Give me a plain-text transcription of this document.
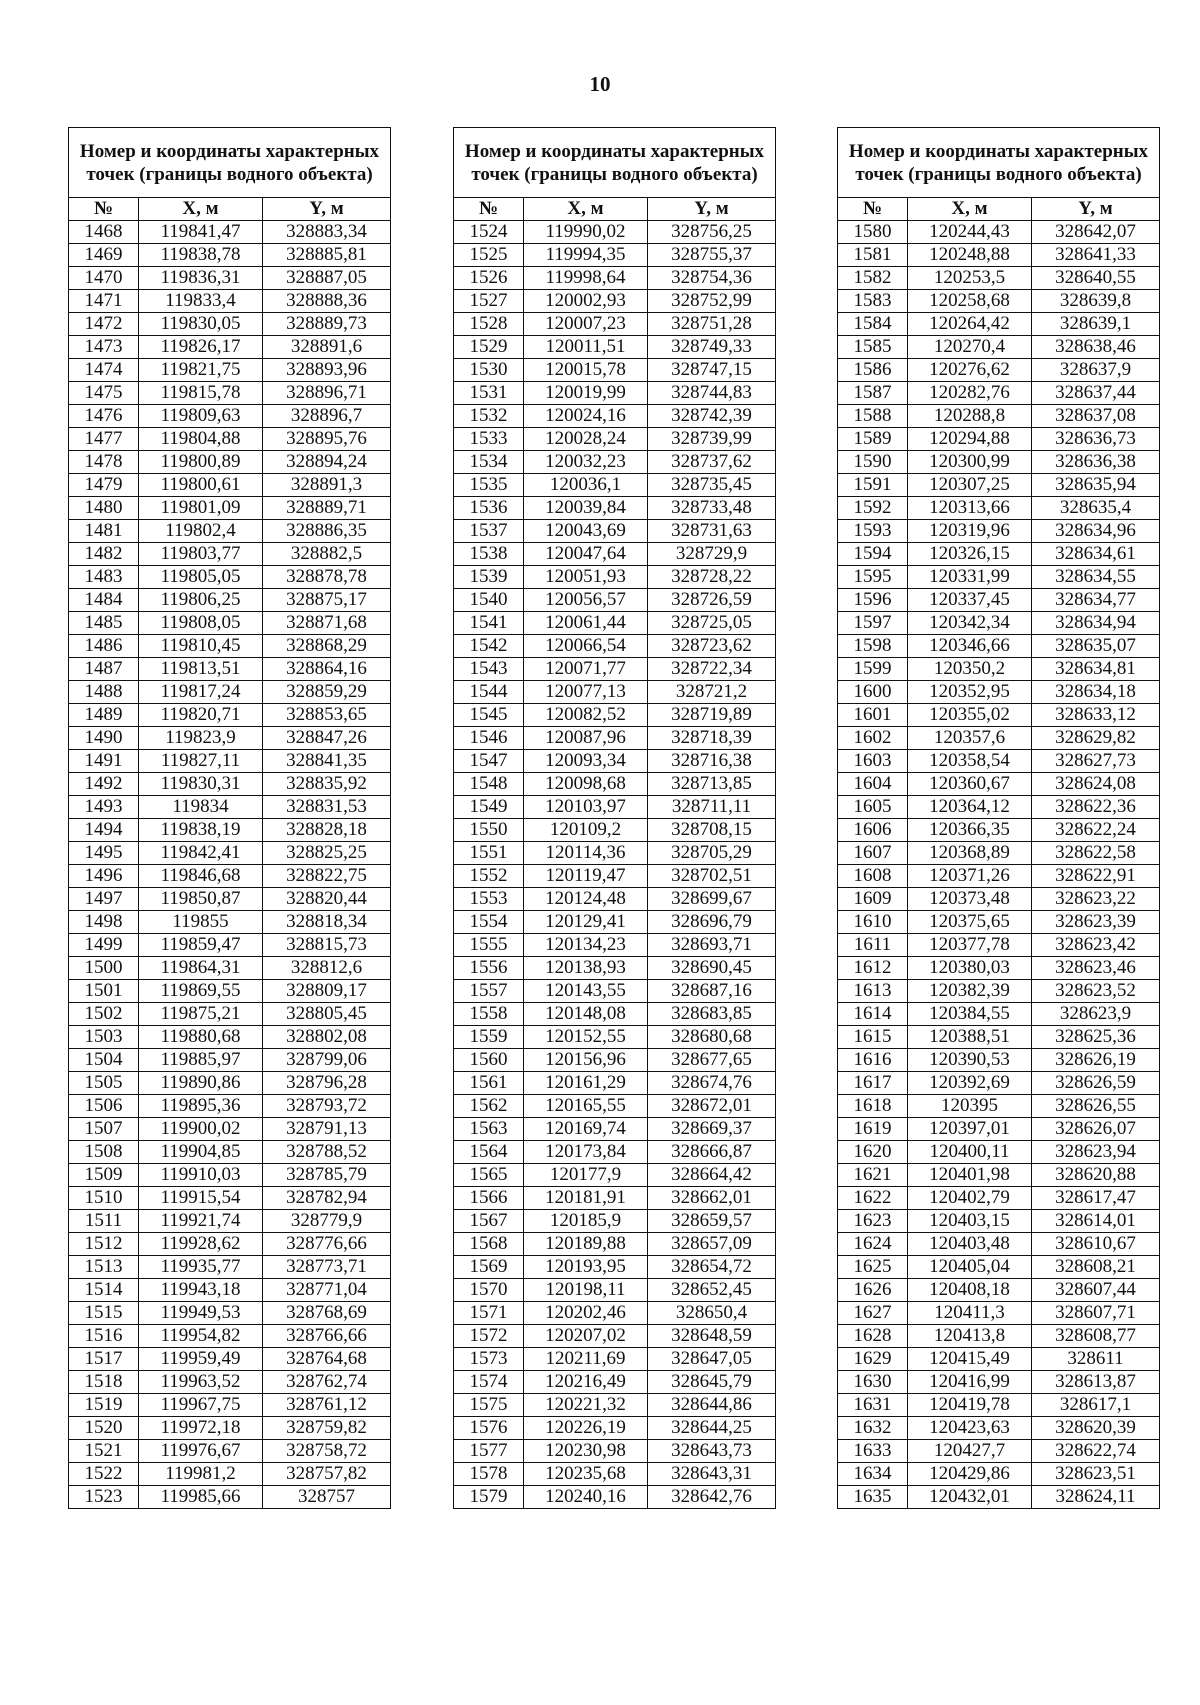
10
Номер и координаты характерных точек (границы водного объекта)		
№	X, м	Y, м
1468	119841,47	328883,34
1469	119838,78	328885,81
1470	119836,31	328887,05
1471	119833,4	328888,36
1472	119830,05	328889,73
1473	119826,17	328891,6
1474	119821,75	328893,96
1475	119815,78	328896,71
1476	119809,63	328896,7
1477	119804,88	328895,76
1478	119800,89	328894,24
1479	119800,61	328891,3
1480	119801,09	328889,71
1481	119802,4	328886,35
1482	119803,77	328882,5
1483	119805,05	328878,78
1484	119806,25	328875,17
1485	119808,05	328871,68
1486	119810,45	328868,29
1487	119813,51	328864,16
1488	119817,24	328859,29
1489	119820,71	328853,65
1490	119823,9	328847,26
1491	119827,11	328841,35
1492	119830,31	328835,92
1493	119834	328831,53
1494	119838,19	328828,18
1495	119842,41	328825,25
1496	119846,68	328822,75
1497	119850,87	328820,44
1498	119855	328818,34
1499	119859,47	328815,73
1500	119864,31	328812,6
1501	119869,55	328809,17
1502	119875,21	328805,45
1503	119880,68	328802,08
1504	119885,97	328799,06
1505	119890,86	328796,28
1506	119895,36	328793,72
1507	119900,02	328791,13
1508	119904,85	328788,52
1509	119910,03	328785,79
1510	119915,54	328782,94
1511	119921,74	328779,9
1512	119928,62	328776,66
1513	119935,77	328773,71
1514	119943,18	328771,04
1515	119949,53	328768,69
1516	119954,82	328766,66
1517	119959,49	328764,68
1518	119963,52	328762,74
1519	119967,75	328761,12
1520	119972,18	328759,82
1521	119976,67	328758,72
1522	119981,2	328757,82
1523	119985,66	328757
Номер и координаты характерных точек (границы водного объекта)		
№	X, м	Y, м
1524	119990,02	328756,25
1525	119994,35	328755,37
1526	119998,64	328754,36
1527	120002,93	328752,99
1528	120007,23	328751,28
1529	120011,51	328749,33
1530	120015,78	328747,15
1531	120019,99	328744,83
1532	120024,16	328742,39
1533	120028,24	328739,99
1534	120032,23	328737,62
1535	120036,1	328735,45
1536	120039,84	328733,48
1537	120043,69	328731,63
1538	120047,64	328729,9
1539	120051,93	328728,22
1540	120056,57	328726,59
1541	120061,44	328725,05
1542	120066,54	328723,62
1543	120071,77	328722,34
1544	120077,13	328721,2
1545	120082,52	328719,89
1546	120087,96	328718,39
1547	120093,34	328716,38
1548	120098,68	328713,85
1549	120103,97	328711,11
1550	120109,2	328708,15
1551	120114,36	328705,29
1552	120119,47	328702,51
1553	120124,48	328699,67
1554	120129,41	328696,79
1555	120134,23	328693,71
1556	120138,93	328690,45
1557	120143,55	328687,16
1558	120148,08	328683,85
1559	120152,55	328680,68
1560	120156,96	328677,65
1561	120161,29	328674,76
1562	120165,55	328672,01
1563	120169,74	328669,37
1564	120173,84	328666,87
1565	120177,9	328664,42
1566	120181,91	328662,01
1567	120185,9	328659,57
1568	120189,88	328657,09
1569	120193,95	328654,72
1570	120198,11	328652,45
1571	120202,46	328650,4
1572	120207,02	328648,59
1573	120211,69	328647,05
1574	120216,49	328645,79
1575	120221,32	328644,86
1576	120226,19	328644,25
1577	120230,98	328643,73
1578	120235,68	328643,31
1579	120240,16	328642,76
Номер и координаты характерных точек (границы водного объекта)		
№	X, м	Y, м
1580	120244,43	328642,07
1581	120248,88	328641,33
1582	120253,5	328640,55
1583	120258,68	328639,8
1584	120264,42	328639,1
1585	120270,4	328638,46
1586	120276,62	328637,9
1587	120282,76	328637,44
1588	120288,8	328637,08
1589	120294,88	328636,73
1590	120300,99	328636,38
1591	120307,25	328635,94
1592	120313,66	328635,4
1593	120319,96	328634,96
1594	120326,15	328634,61
1595	120331,99	328634,55
1596	120337,45	328634,77
1597	120342,34	328634,94
1598	120346,66	328635,07
1599	120350,2	328634,81
1600	120352,95	328634,18
1601	120355,02	328633,12
1602	120357,6	328629,82
1603	120358,54	328627,73
1604	120360,67	328624,08
1605	120364,12	328622,36
1606	120366,35	328622,24
1607	120368,89	328622,58
1608	120371,26	328622,91
1609	120373,48	328623,22
1610	120375,65	328623,39
1611	120377,78	328623,42
1612	120380,03	328623,46
1613	120382,39	328623,52
1614	120384,55	328623,9
1615	120388,51	328625,36
1616	120390,53	328626,19
1617	120392,69	328626,59
1618	120395	328626,55
1619	120397,01	328626,07
1620	120400,11	328623,94
1621	120401,98	328620,88
1622	120402,79	328617,47
1623	120403,15	328614,01
1624	120403,48	328610,67
1625	120405,04	328608,21
1626	120408,18	328607,44
1627	120411,3	328607,71
1628	120413,8	328608,77
1629	120415,49	328611
1630	120416,99	328613,87
1631	120419,78	328617,1
1632	120423,63	328620,39
1633	120427,7	328622,74
1634	120429,86	328623,51
1635	120432,01	328624,11
